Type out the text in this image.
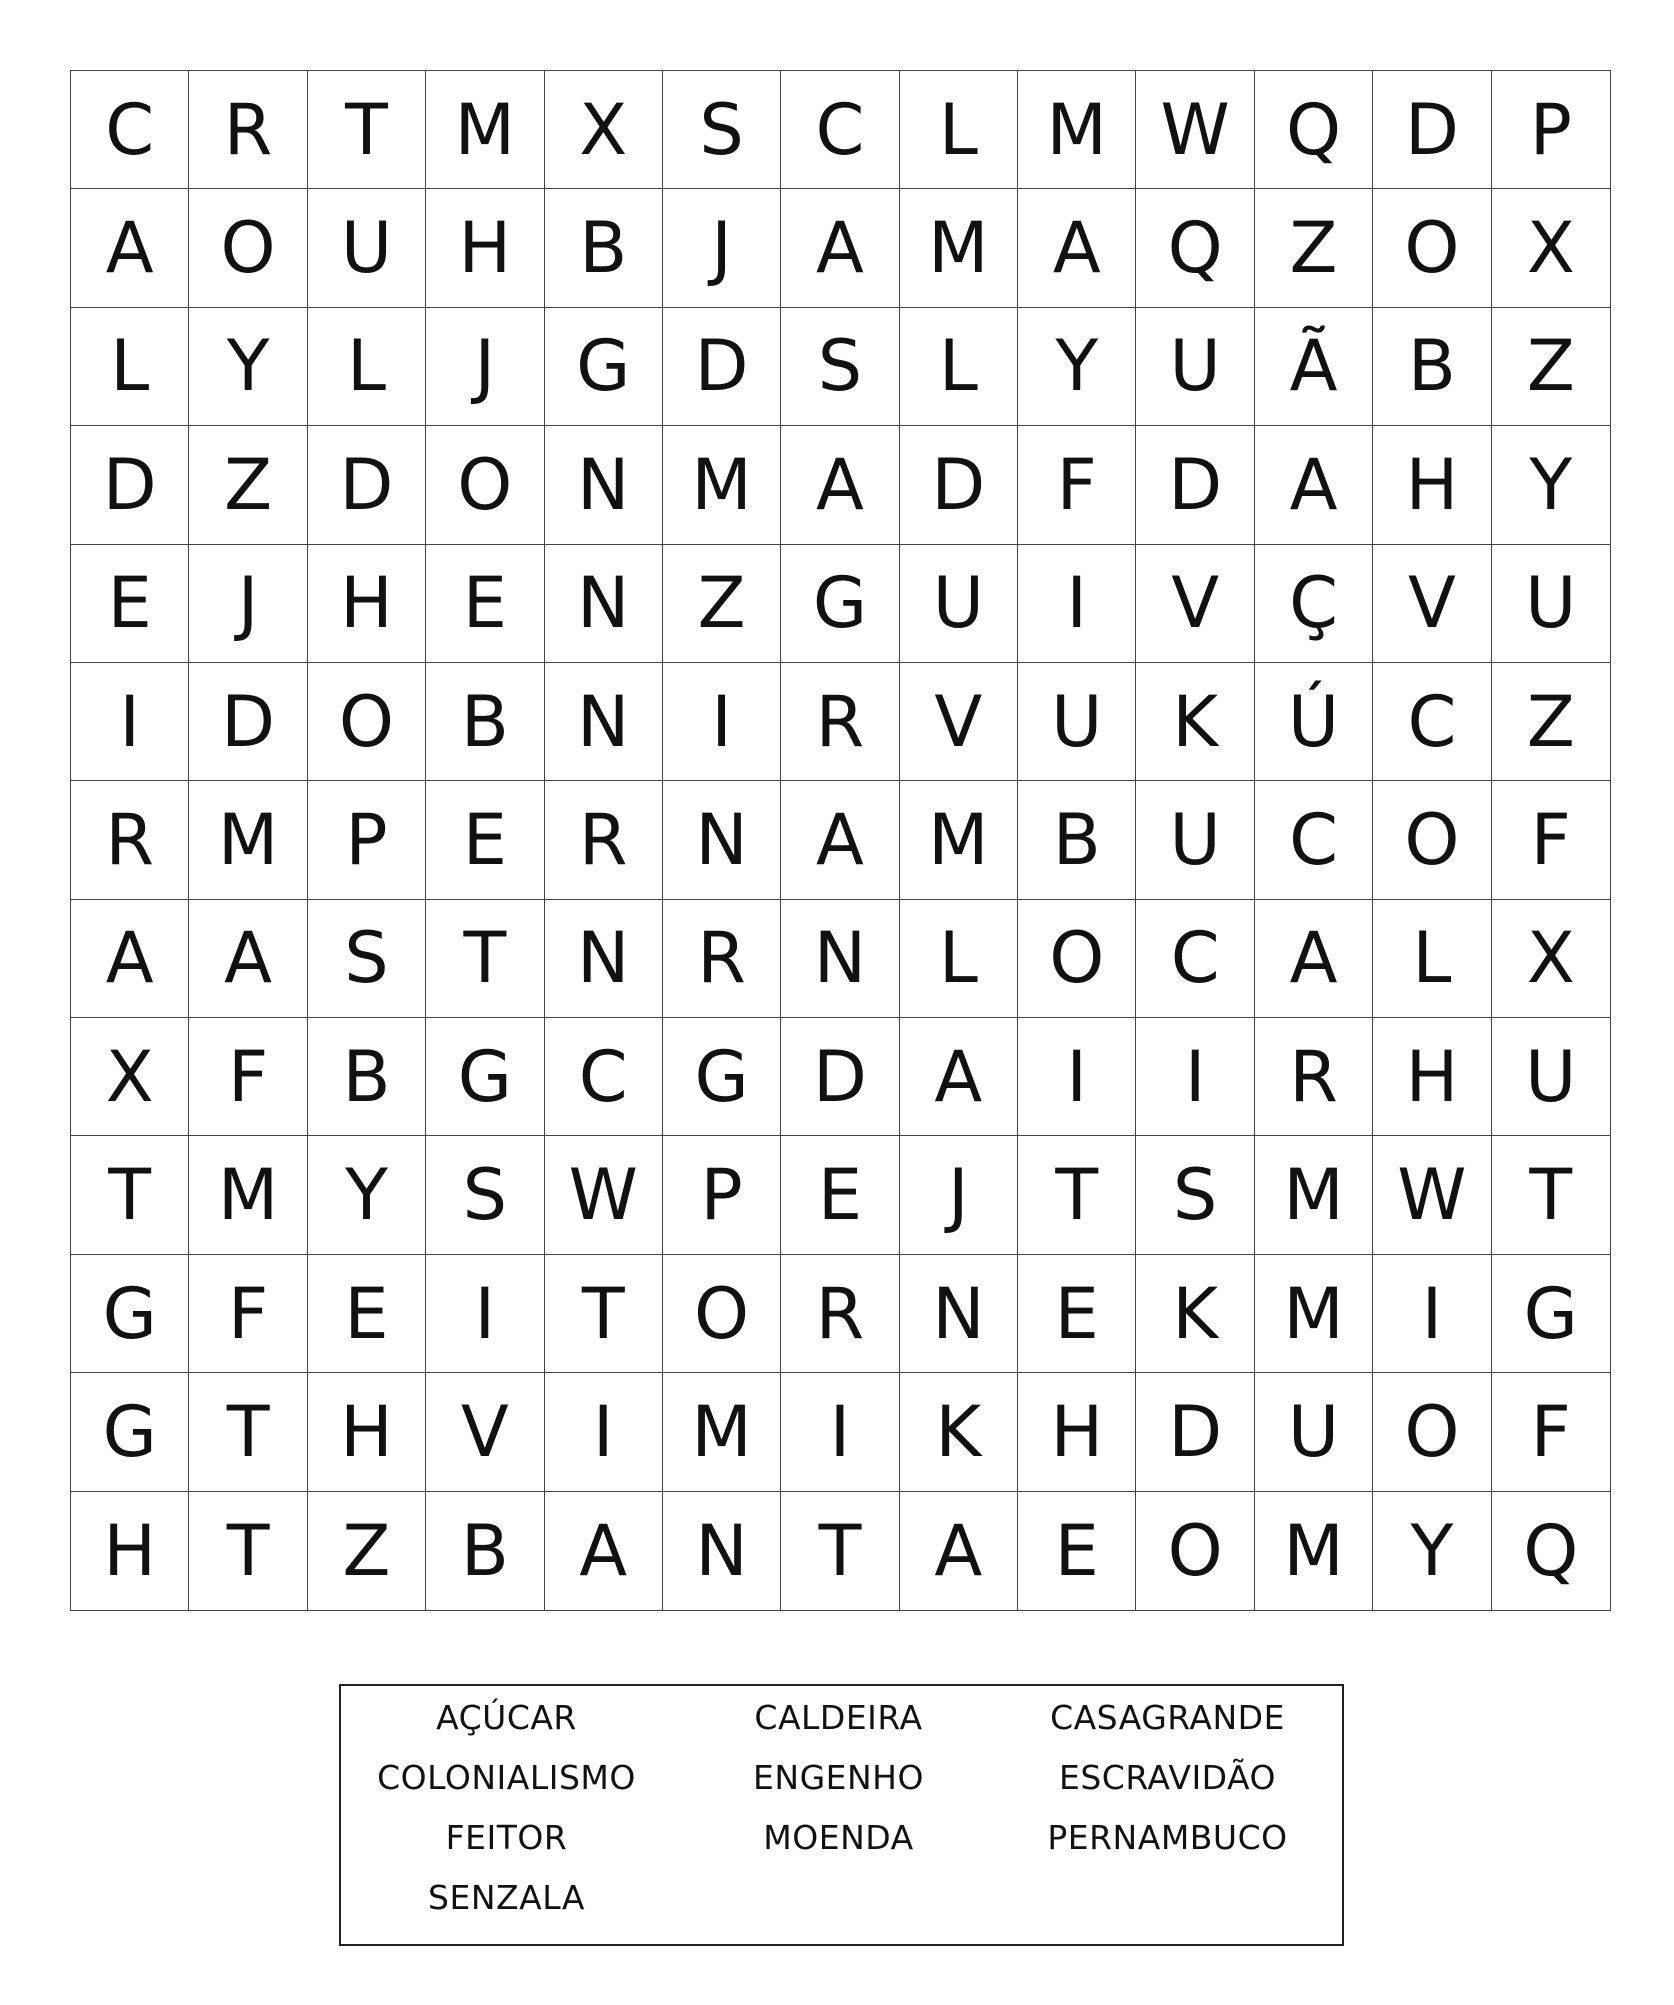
C R	T M X	S	C	L M W Q D	P
A O U H B	J	A M A Q Z O X
L	Y	L	J	G D S	L	Y	U Ã	B	Z
D Z D O N M A D	F	D A H	Y
E	J	H E	N Z G U	I	V Ç	V U
I	D O B N	I	R	V U K Ú C	Z
R M P	E	R N A M B U C O	F
A	A	S	T	N R N	L	O C A	L	X
X	F	B G C G D A	I	I	R H U
T M Y	S W P	E	J	T	S M W T
G	F	E	I	T O R N	E	K M	I	G
G T	H V	I	M	I	K H D U O	F
H	T	Z	B	A N	T	A	E O M Y Q
AÇÚCAR	CALDEIRA	CASAGRANDE
COLONIALISMO	ENGENHO	ESCRAVIDÃO
FEITOR	MOENDA	PERNAMBUCO
SENZALA
